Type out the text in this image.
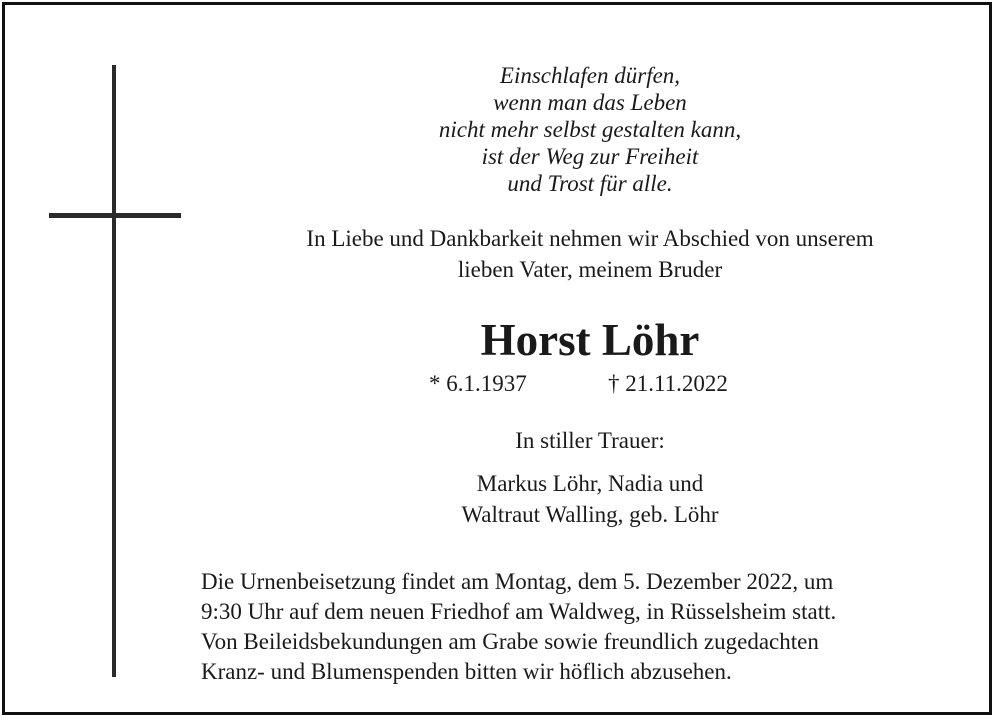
Einschlafen dürfen,
wenn man das Leben
nicht mehr selbst gestalten kann,
ist der Weg zur Freiheit
und Trost für alle.
In Liebe und Dankbarkeit nehmen wir Abschied von unserem
lieben Vater, meinem Bruder
Horst Löhr
* 6.1.1937	† 21.11.2022
In stiller Trauer:
Markus Löhr, Nadia und
Waltraut Walling, geb. Löhr
Die Urnenbeisetzung findet am Montag, dem 5. Dezember 2022, um
9:30 Uhr auf dem neuen Friedhof am Waldweg, in Rüsselsheim statt.
Von Beileidsbekundungen am Grabe sowie freundlich zugedachten
Kranz- und Blumenspenden bitten wir höflich abzusehen.
